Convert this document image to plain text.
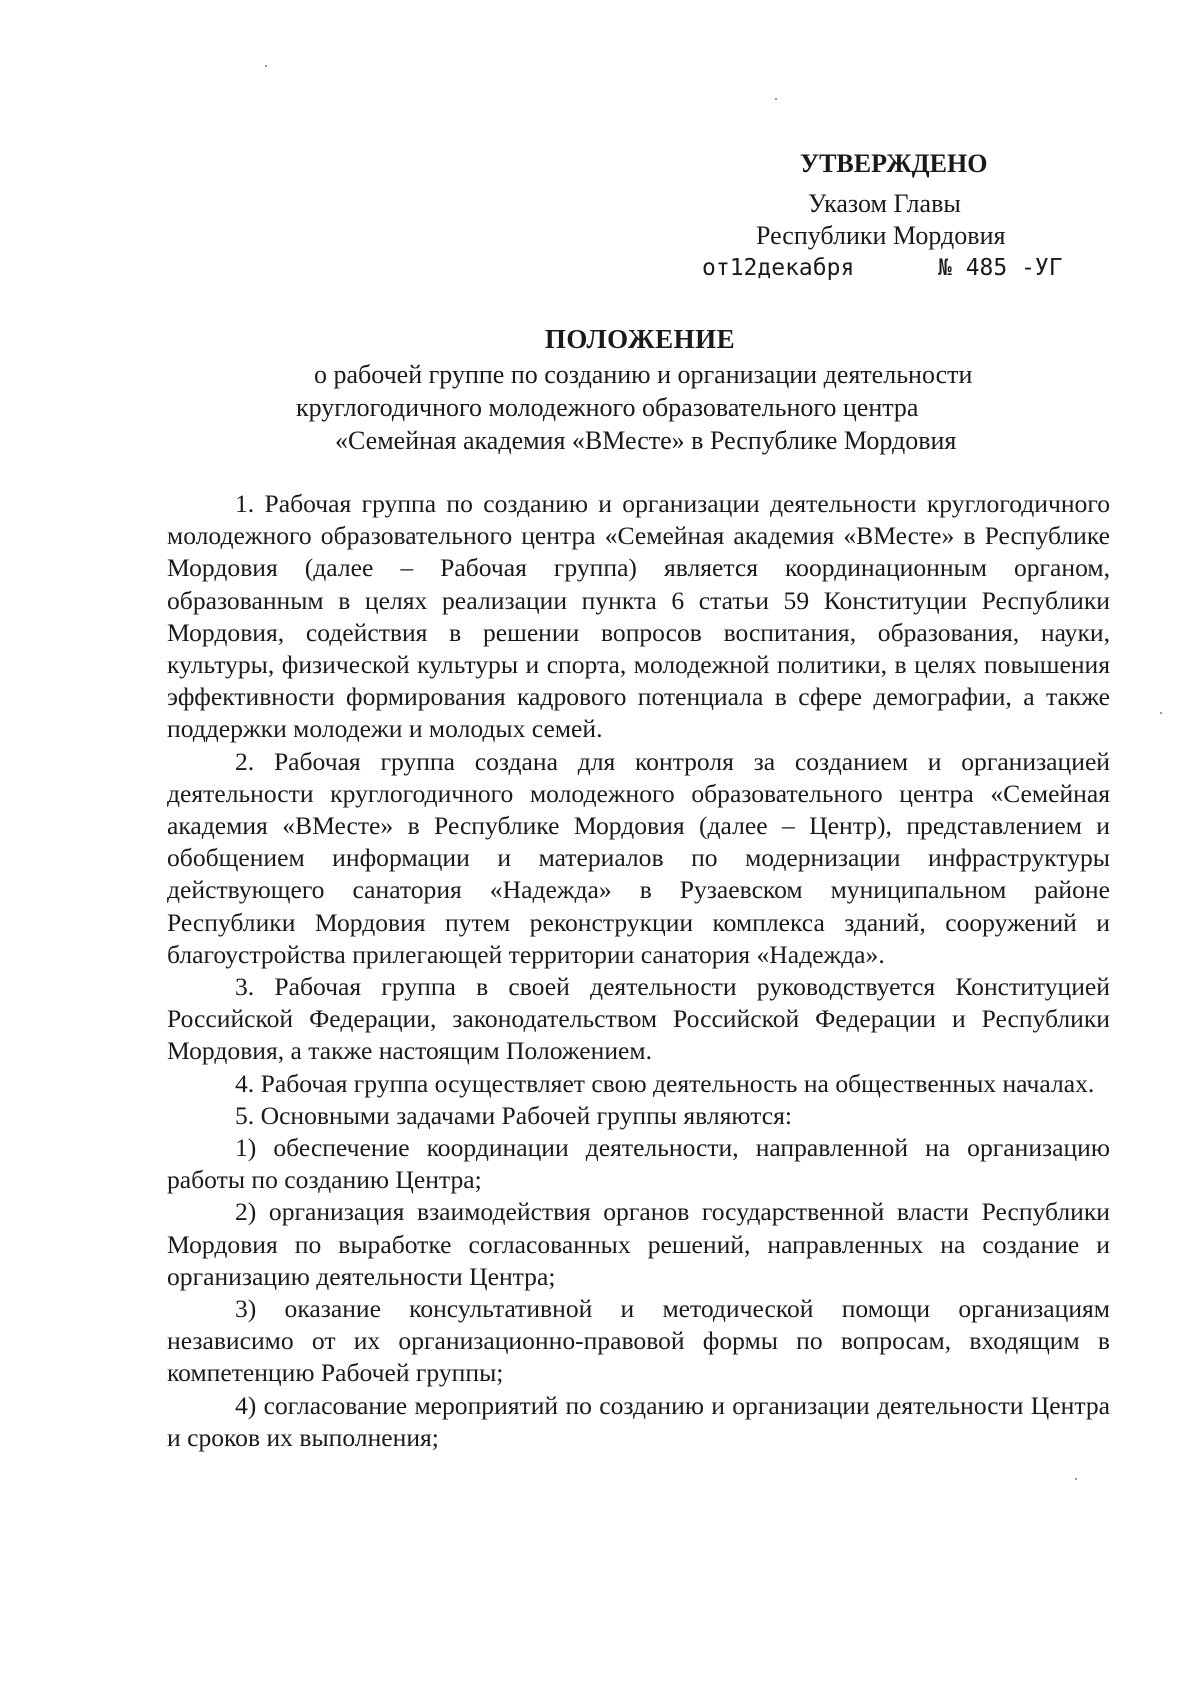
УТВЕРЖДЕНО
Указом Главы
Республики Мордовия
от12декабря	№ 485 -УГ
ПОЛОЖЕНИЕ
о рабочей группе по созданию и организации деятельности
круглогодичного молодежного образовательного центра
«Семейная академия «ВМесте» в Республике Мордовия

1. Рабочая группа по созданию и организации деятельности круглогодичного молодежного образовательного центра «Семейная академия «ВМесте» в Республике Мордовия (далее – Рабочая группа) является координационным органом, образованным в целях реализации пункта 6 статьи 59 Конституции Республики Мордовия, содействия в решении вопросов воспитания, образования, науки, культуры, физической культуры и спорта, молодежной политики, в целях повышения эффективности формирования кадрового потенциала в сфере демографии, а также поддержки молодежи и молодых семей.

2. Рабочая группа создана для контроля за созданием и организацией деятельности круглогодичного молодежного образовательного центра «Семейная академия «ВМесте» в Республике Мордовия (далее – Центр), представлением и обобщением информации и материалов по модернизации инфраструктуры действующего санатория «Надежда» в Рузаевском муниципальном районе Республики Мордовия путем реконструкции комплекса зданий, сооружений и благоустройства прилегающей территории санатория «Надежда».

3. Рабочая группа в своей деятельности руководствуется Конституцией Российской Федерации, законодательством Российской Федерации и Республики Мордовия, а также настоящим Положением.

4. Рабочая группа осуществляет свою деятельность на общественных началах.

5. Основными задачами Рабочей группы являются:

1) обеспечение координации деятельности, направленной на организацию работы по созданию Центра;

2) организация взаимодействия органов государственной власти Республики Мордовия по выработке согласованных решений, направленных на создание и организацию деятельности Центра;

3) оказание консультативной и методической помощи организациям независимо от их организационно-правовой формы по вопросам, входящим в компетенцию Рабочей группы;

4) согласование мероприятий по созданию и организации деятельности Центра и сроков их выполнения;
